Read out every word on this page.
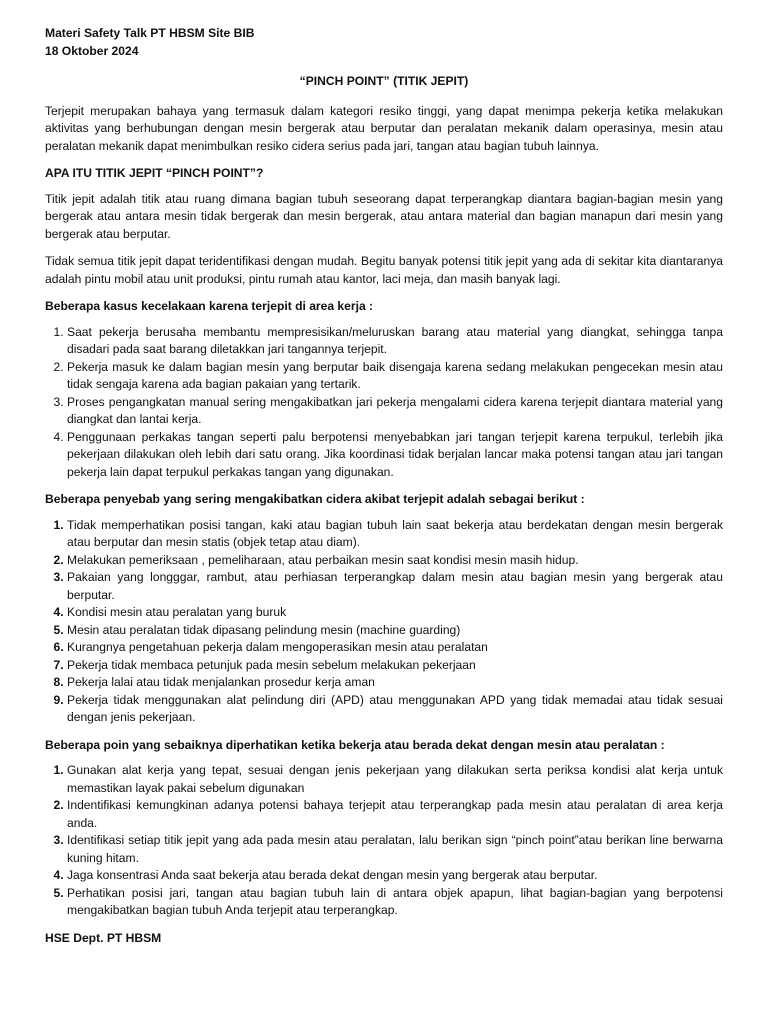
Materi Safety Talk PT HBSM Site BIB
18 Oktober 2024
“PINCH POINT” (TITIK JEPIT)

Terjepit merupakan bahaya yang termasuk dalam kategori resiko tinggi, yang dapat menimpa pekerja ketika melakukan aktivitas yang berhubungan dengan mesin bergerak atau berputar dan peralatan mekanik dalam operasinya, mesin atau peralatan mekanik dapat menimbulkan resiko cidera serius pada jari, tangan atau bagian tubuh lainnya.

APA ITU TITIK JEPIT “PINCH POINT”?

Titik jepit adalah titik atau ruang dimana bagian tubuh seseorang dapat terperangkap diantara bagian-bagian mesin yang bergerak atau antara mesin tidak bergerak dan mesin bergerak, atau antara material dan bagian manapun dari mesin yang bergerak atau berputar.

Tidak semua titik jepit dapat teridentifikasi dengan mudah. Begitu banyak potensi titik jepit yang ada di sekitar kita diantaranya adalah pintu mobil atau unit produksi, pintu rumah atau kantor, laci meja, dan masih banyak lagi.

Beberapa kasus kecelakaan karena terjepit di area kerja :
1. Saat pekerja berusaha membantu mempresisikan/meluruskan barang atau material yang diangkat, sehingga tanpa disadari pada saat barang diletakkan jari tangannya terjepit.
2. Pekerja masuk ke dalam bagian mesin yang berputar baik disengaja karena sedang melakukan pengecekan mesin atau tidak sengaja karena ada bagian pakaian yang tertarik.
3. Proses pengangkatan manual sering mengakibatkan jari pekerja mengalami cidera karena terjepit diantara material yang diangkat dan lantai kerja.
4. Penggunaan perkakas tangan seperti palu berpotensi menyebabkan jari tangan terjepit karena terpukul, terlebih jika pekerjaan dilakukan oleh lebih dari satu orang. Jika koordinasi tidak berjalan lancar maka potensi tangan atau jari tangan pekerja lain dapat terpukul perkakas tangan yang digunakan.
Beberapa penyebab yang sering mengakibatkan cidera akibat terjepit adalah sebagai berikut :
1. Tidak memperhatikan posisi tangan, kaki atau bagian tubuh lain saat bekerja atau berdekatan dengan mesin bergerak atau berputar dan mesin statis (objek tetap atau diam).
2. Melakukan pemeriksaan , pemeliharaan, atau perbaikan mesin saat kondisi mesin masih hidup.
3. Pakaian yang longggar, rambut, atau perhiasan terperangkap dalam mesin atau bagian mesin yang bergerak atau berputar.
4. Kondisi mesin atau peralatan yang buruk
5. Mesin atau peralatan tidak dipasang pelindung mesin (machine guarding)
6. Kurangnya pengetahuan pekerja dalam mengoperasikan mesin atau peralatan
7. Pekerja tidak membaca petunjuk pada mesin sebelum melakukan pekerjaan
8. Pekerja lalai atau tidak menjalankan prosedur kerja aman
9. Pekerja tidak menggunakan alat pelindung diri (APD) atau menggunakan APD yang tidak memadai atau tidak sesuai dengan jenis pekerjaan.
Beberapa poin yang sebaiknya diperhatikan ketika bekerja atau berada dekat dengan mesin atau peralatan :
1. Gunakan alat kerja yang tepat, sesuai dengan jenis pekerjaan yang dilakukan serta periksa kondisi alat kerja untuk memastikan layak pakai sebelum digunakan
2. Indentifikasi kemungkinan adanya potensi bahaya terjepit atau terperangkap pada mesin atau peralatan di area kerja anda.
3. Identifikasi setiap titik jepit yang ada pada mesin atau peralatan, lalu berikan sign “pinch point”atau berikan line berwarna kuning hitam.
4. Jaga konsentrasi Anda saat bekerja atau berada dekat dengan mesin yang bergerak atau berputar.
5. Perhatikan posisi jari, tangan atau bagian tubuh lain di antara objek apapun, lihat bagian-bagian yang berpotensi mengakibatkan bagian tubuh Anda terjepit atau terperangkap.
HSE Dept. PT HBSM
